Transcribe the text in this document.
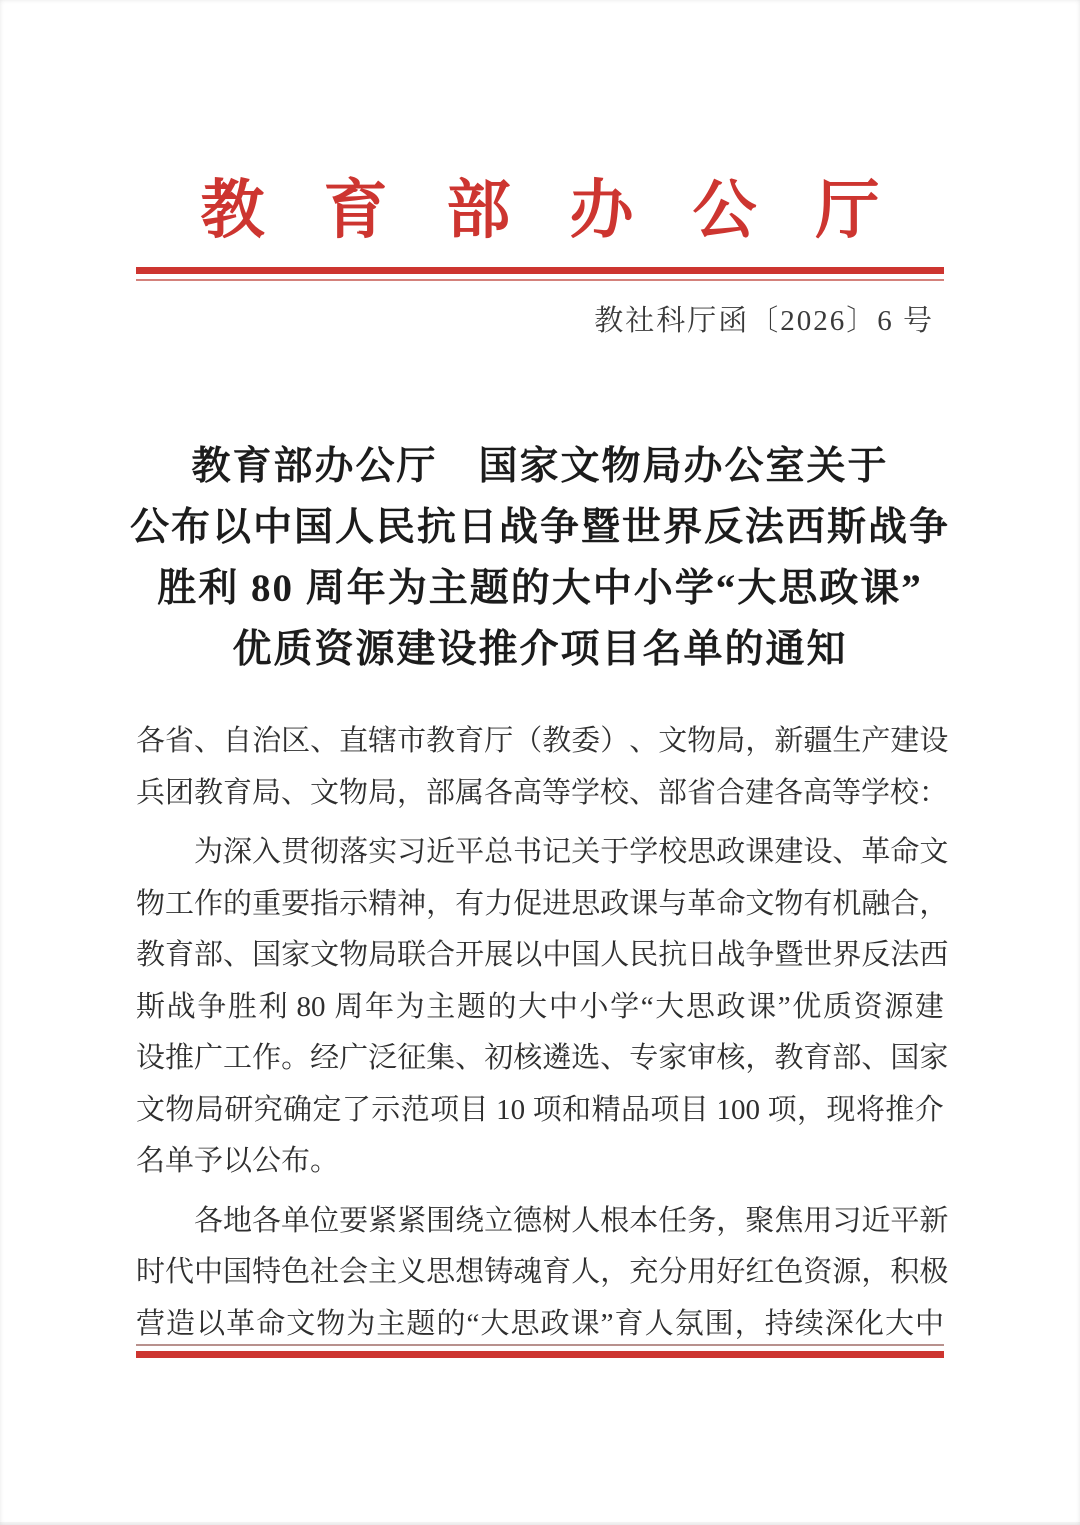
教育部办公厅
教社科厅函〔2026〕6 号
教育部办公厅　国家文物局办公室关于
公布以中国人民抗日战争暨世界反法西斯战争
胜利 80 周年为主题的大中小学“大思政课”
优质资源建设推介项目名单的通知
各 省 、 自 治 区 、 直 辖 市 教 育 厅 （ 教 委 ） 、 文 物 局 ， 新 疆 生 产 建 设
兵团教育局、文物局，部属各高等学校、部省合建各高等学校：
为 深 入 贯 彻 落 实 习 近 平 总 书 记 关 于 学 校 思 政 课 建 设 、 革 命 文
物 工 作 的 重 要 指 示 精 神 ， 有 力 促 进 思 政 课 与 革 命 文 物 有 机 融 合 ，
教 育 部 、 国 家 文 物 局 联 合 开 展 以 中 国 人 民 抗 日 战 争 暨 世 界 反 法 西
斯 战 争 胜 利 80 周 年 为 主 题 的 大 中 小 学 “ 大 思 政 课 ” 优 质 资 源 建
设 推 广 工 作 。 经 广 泛 征 集 、 初 核 遴 选 、 专 家 审 核 ， 教 育 部 、 国 家
文 物 局 研 究 确 定 了 示 范 项 目 10 项 和 精 品 项 目 100 项 ， 现 将 推 介
名单予以公布。
各 地 各 单 位 要 紧 紧 围 绕 立 德 树 人 根 本 任 务 ， 聚 焦 用 习 近 平 新
时 代 中 国 特 色 社 会 主 义 思 想 铸 魂 育 人 ， 充 分 用 好 红 色 资 源 ， 积 极
营 造 以 革 命 文 物 为 主 题 的 “ 大 思 政 课 ” 育 人 氛 围 ， 持 续 深 化 大 中
